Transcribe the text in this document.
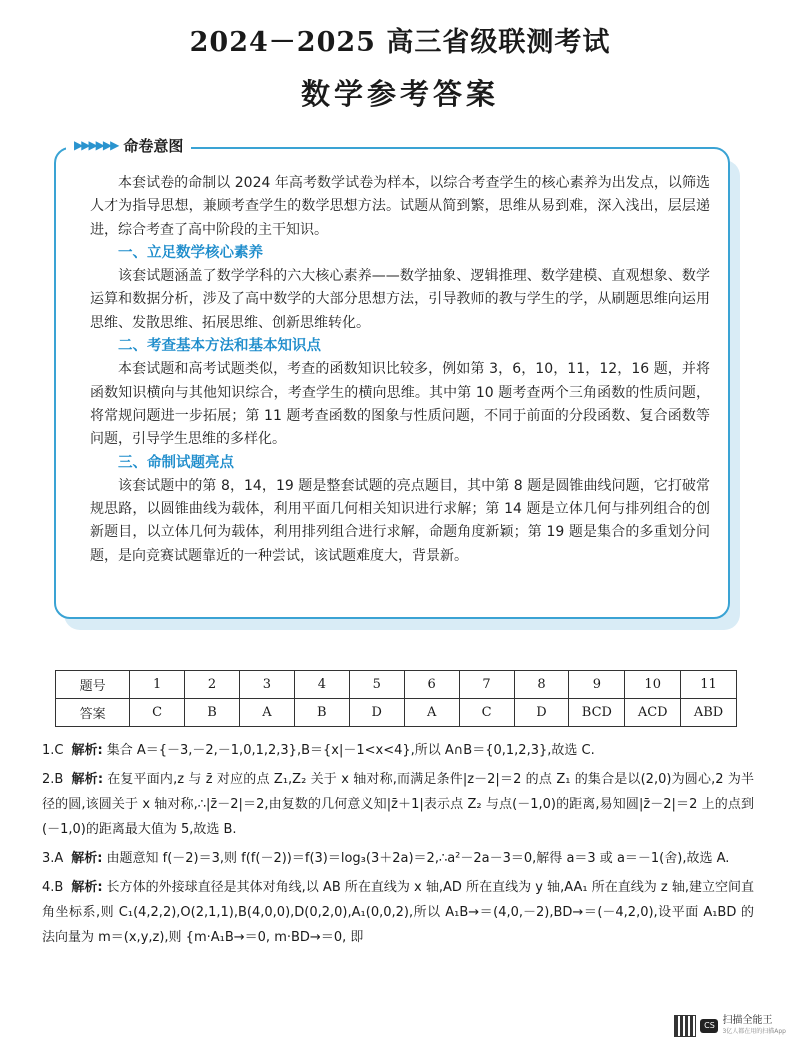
2024－2025 高三省级联测考试
数学参考答案
▶▶▶▶▶▶ 命卷意图

本套试卷的命制以 2024 年高考数学试卷为样本，以综合考查学生的核心素养为出发点，以筛选人才为指导思想，兼顾考查学生的数学思想方法。试题从简到繁，思维从易到难，深入浅出，层层递进，综合考查了高中阶段的主干知识。

一、立足数学核心素养

该套试题涵盖了数学学科的六大核心素养——数学抽象、逻辑推理、数学建模、直观想象、数学运算和数据分析，涉及了高中数学的大部分思想方法，引导教师的教与学生的学，从刷题思维向运用思维、发散思维、拓展思维、创新思维转化。

二、考查基本方法和基本知识点

本套试题和高考试题类似，考查的函数知识比较多，例如第 3，6，10，11，12，16 题，并将函数知识横向与其他知识综合，考查学生的横向思维。其中第 10 题考查两个三角函数的性质问题，将常规问题进一步拓展；第 11 题考查函数的图象与性质问题，不同于前面的分段函数、复合函数等问题，引导学生思维的多样化。

三、命制试题亮点

该套试题中的第 8，14，19 题是整套试题的亮点题目，其中第 8 题是圆锥曲线问题，它打破常规思路，以圆锥曲线为载体，利用平面几何相关知识进行求解；第 14 题是立体几何与排列组合的创新题目，以立体几何为载体，利用排列组合进行求解，命题角度新颖；第 19 题是集合的多重划分问题，是向竞赛试题靠近的一种尝试，该试题难度大，背景新。

题号	1	2	3	4	5	6	7	8	9	10	11
答案	C	B	A	B	D	A	C	D	BCD	ACD	ABD
1.C 解析: 集合 A＝{－3,－2,－1,0,1,2,3},B＝{x|－1<x<4},所以 A∩B＝{0,1,2,3},故选 C.
2.B 解析: 在复平面内,z 与 z̄ 对应的点 Z₁,Z₂ 关于 x 轴对称,而满足条件|z－2|＝2 的点 Z₁ 的集合是以(2,0)为圆心,2 为半径的圆,该圆关于 x 轴对称,∴|z̄－2|＝2,由复数的几何意义知|z̄＋1|表示点 Z₂ 与点(－1,0)的距离,易知圆|z̄－2|＝2 上的点到(－1,0)的距离最大值为 5,故选 B.
3.A 解析: 由题意知 f(－2)＝3,则 f(f(－2))＝f(3)＝log₃(3＋2a)＝2,∴a²－2a－3＝0,解得 a＝3 或 a＝－1(舍),故选 A.
4.B 解析: 长方体的外接球直径是其体对角线,以 AB 所在直线为 x 轴,AD 所在直线为 y 轴,AA₁ 所在直线为 z 轴,建立空间直角坐标系,则 C₁(4,2,2),O(2,1,1),B(4,0,0),D(0,2,0),A₁(0,0,2),所以 A₁B→＝(4,0,－2),BD→＝(－4,2,0),设平面 A₁BD 的法向量为 m＝(x,y,z),则 {m·A₁B→＝0, m·BD→＝0, 即
CS 扫描全能王
3亿人都在用的扫描App
